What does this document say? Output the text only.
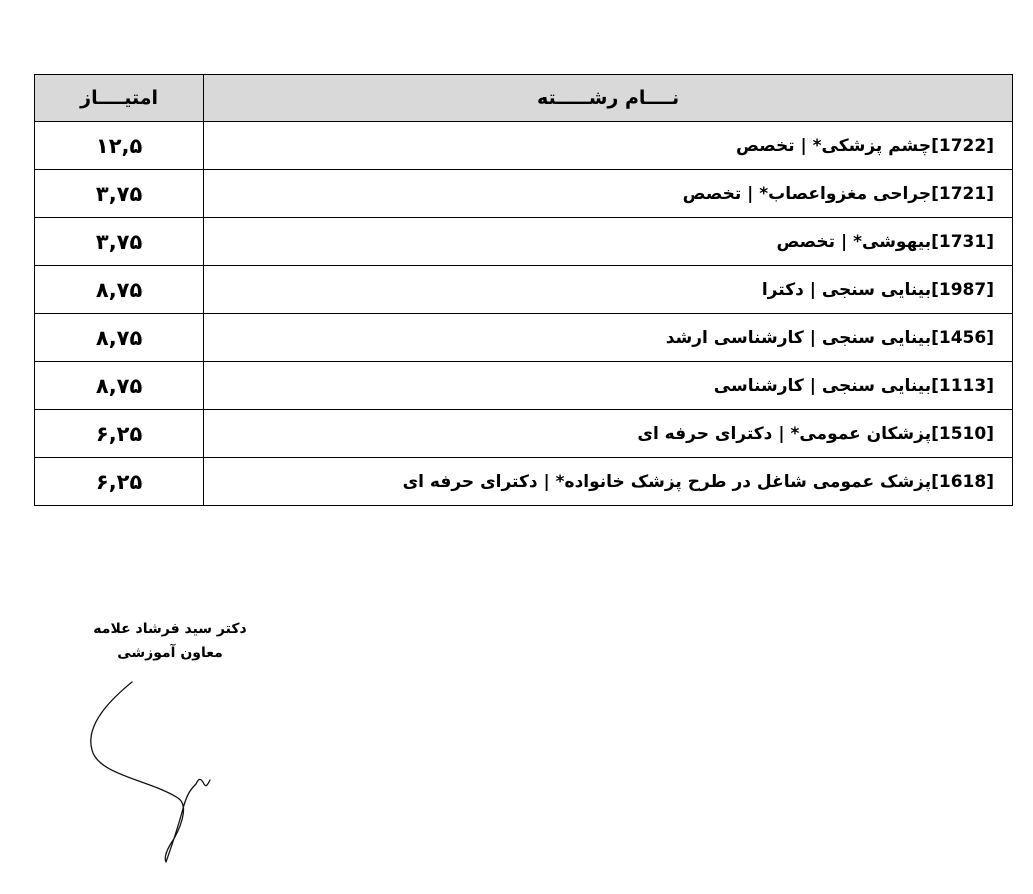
نــــام رشـــــته	امتيــــاز
[1722]چشم پزشکی* | تخصص	۱۲,۵
[1721]جراحی مغزواعصاب* | تخصص	۳,۷۵
[1731]بیهوشی* | تخصص	۳,۷۵
[1987]بینایی سنجی | دکترا	۸,۷۵
[1456]بینایی سنجی | کارشناسی ارشد	۸,۷۵
[1113]بینایی سنجی | کارشناسی	۸,۷۵
[1510]پزشکان عمومی* | دکترای حرفه ای	۶,۲۵
[1618]پزشک عمومی شاغل در طرح پزشک خانواده* | دکترای حرفه ای	۶,۲۵
دکتر سید فرشاد علامه
معاون آموزشی
